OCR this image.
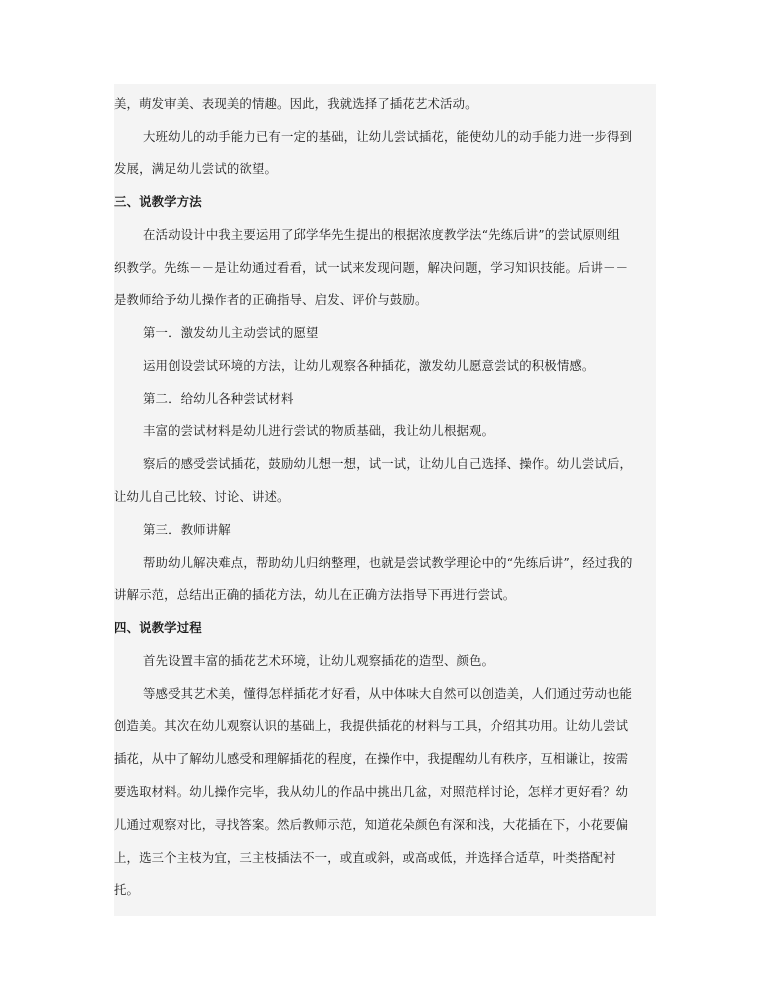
美，萌发审美、表现美的情趣。因此，我就选择了插花艺术活动。
大班幼儿的动手能力已有一定的基础，让幼儿尝试插花，能使幼儿的动手能力进一步得到
发展，满足幼儿尝试的欲望。
三、说教学方法
在活动设计中我主要运用了邱学华先生提出的根据浓度教学法“先练后讲”的尝试原则组
织教学。先练－－是让幼通过看看，试一试来发现问题，解决问题，学习知识技能。后讲－－
是教师给予幼儿操作者的正确指导、启发、评价与鼓励。
第一．激发幼儿主动尝试的愿望
运用创设尝试环境的方法，让幼儿观察各种插花，激发幼儿愿意尝试的积极情感。
第二．给幼儿各种尝试材料
丰富的尝试材料是幼儿进行尝试的物质基础，我让幼儿根据观。
察后的感受尝试插花，鼓励幼儿想一想，试一试，让幼儿自己选择、操作。幼儿尝试后，
让幼儿自己比较、讨论、讲述。
第三．教师讲解
帮助幼儿解决难点，帮助幼儿归纳整理，也就是尝试教学理论中的“先练后讲”，经过我的
讲解示范，总结出正确的插花方法，幼儿在正确方法指导下再进行尝试。
四、说教学过程
首先设置丰富的插花艺术环境，让幼儿观察插花的造型、颜色。
等感受其艺术美，懂得怎样插花才好看，从中体味大自然可以创造美，人们通过劳动也能
创造美。其次在幼儿观察认识的基础上，我提供插花的材料与工具，介绍其功用。让幼儿尝试
插花，从中了解幼儿感受和理解插花的程度，在操作中，我提醒幼儿有秩序，互相谦让，按需
要选取材料。幼儿操作完毕，我从幼儿的作品中挑出几盆，对照范样讨论，怎样才更好看？幼
儿通过观察对比，寻找答案。然后教师示范，知道花朵颜色有深和浅，大花插在下，小花要偏
上，选三个主枝为宜，三主枝插法不一，或直或斜，或高或低，并选择合适草，叶类搭配衬
托。
